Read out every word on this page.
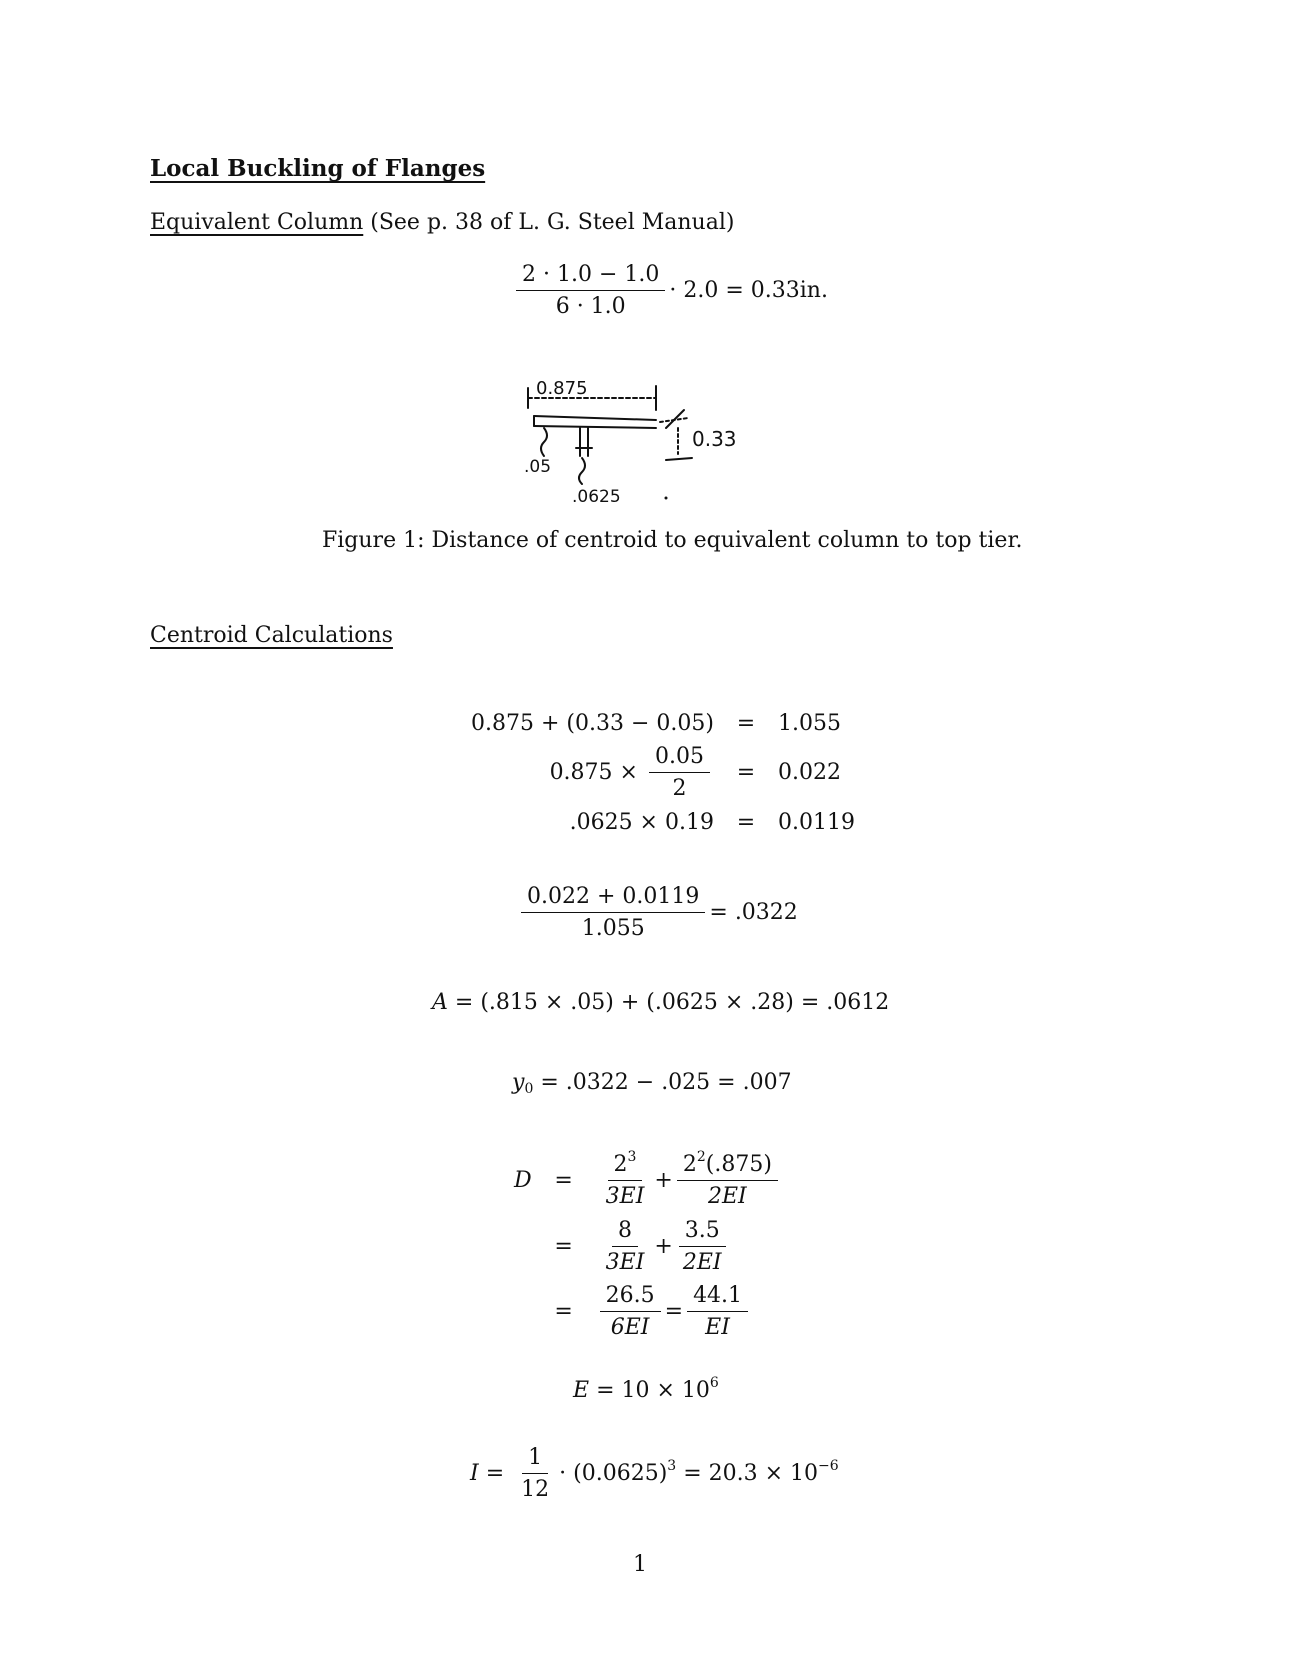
Local Buckling of Flanges
Equivalent Column (See p. 38 of L. G. Steel Manual)
$\frac{2 \cdot 1.0 - 1.0}{6 \cdot 1.0} \cdot 2.0 = 0.33in$.
0.875
0.33
.05
.0625
Figure 1: Distance of centroid to equivalent column to top tier.
Centroid Calculations
0.875 + (0.33 − 0.05)	=	1.055
$0.875 \times \frac{0.05}{2}$	=	0.022
.0625 × 0.19	=	0.0119
$\frac{0.022 + 0.0119}{1.055} = .0322$
A = (.815 × .05) + (.0625 × .28) = .0612
$y_0 = .0322 - .025 = .007$
D	=	$\frac{2^3}{3EI} + \frac{2^2(.875)}{2EI}$

	=	$\frac{8}{3EI} + \frac{3.5}{2EI}$

	=	$\frac{26.5}{6EI} = \frac{44.1}{EI}$
$E = 10 \times 10^6$
$I = \frac{1}{12} \cdot (0.0625)^3 = 20.3 \times 10^{-6}$
1
